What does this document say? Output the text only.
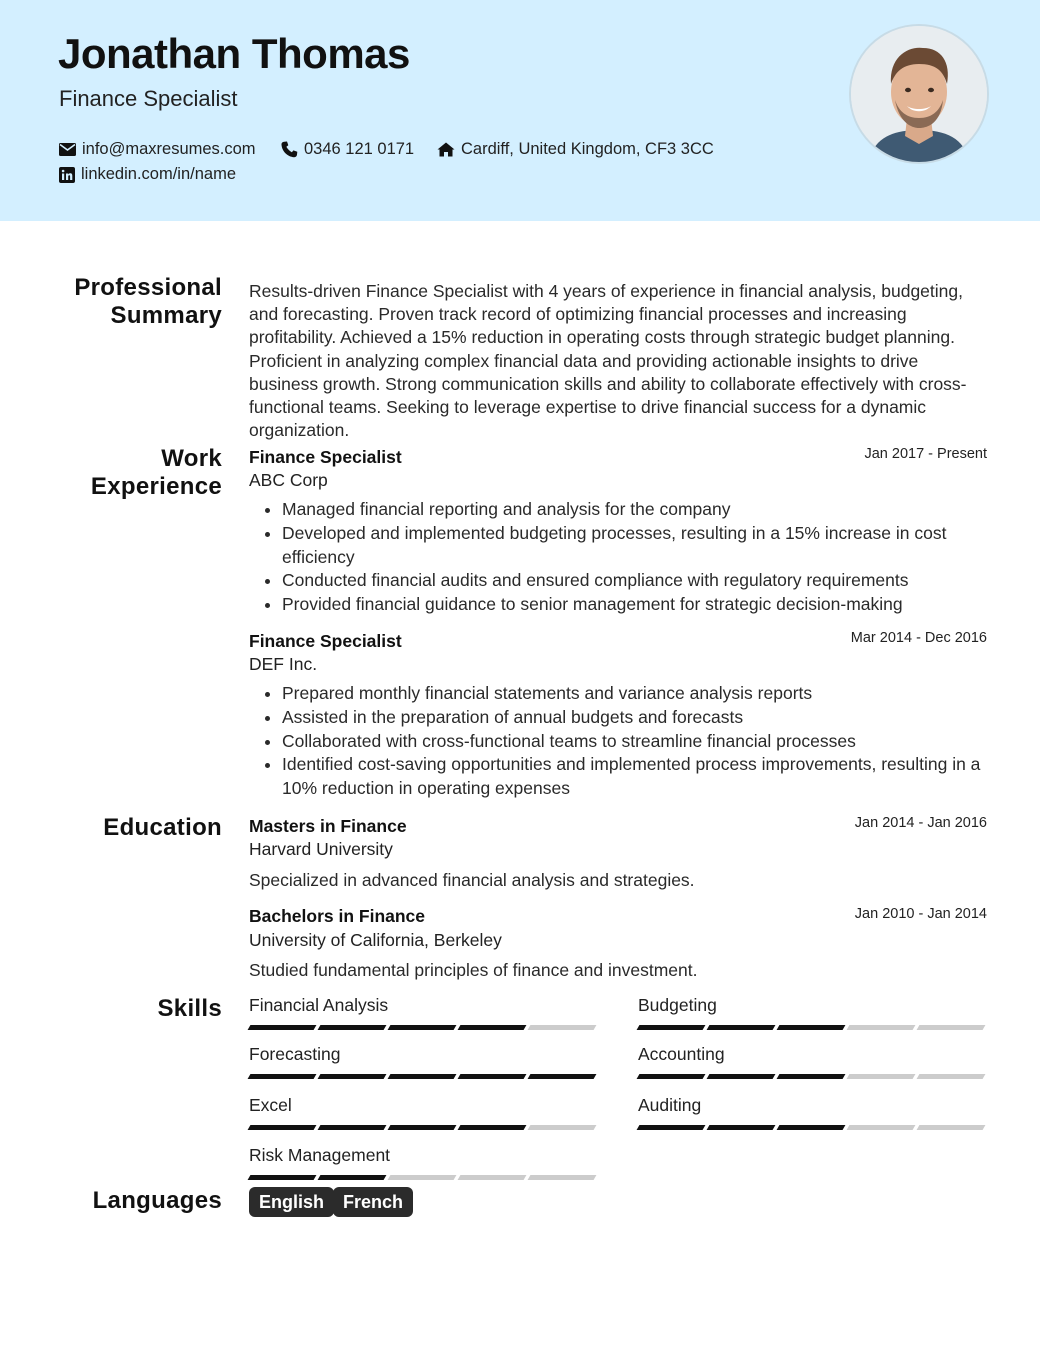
Jonathan Thomas
Finance Specialist
info@maxresumes.com	0346 121 0171	Cardiff, United Kingdom, CF3 3CC
linkedin.com/in/name
Professional Summary

Results-driven Finance Specialist with 4 years of experience in financial analysis, budgeting, and forecasting. Proven track record of optimizing financial processes and increasing profitability. Achieved a 15% reduction in operating costs through strategic budget planning. Proficient in analyzing complex financial data and providing actionable insights to drive business growth. Strong communication skills and ability to collaborate effectively with cross-functional teams. Seeking to leverage expertise to drive financial success for a dynamic organization.

Work Experience
Finance Specialist	Jan 2017 - Present
ABC Corp
• Managed financial reporting and analysis for the company
• Developed and implemented budgeting processes, resulting in a 15% increase in cost efficiency
• Conducted financial audits and ensured compliance with regulatory requirements
• Provided financial guidance to senior management for strategic decision-making
Finance Specialist	Mar 2014 - Dec 2016
DEF Inc.
• Prepared monthly financial statements and variance analysis reports
• Assisted in the preparation of annual budgets and forecasts
• Collaborated with cross-functional teams to streamline financial processes
• Identified cost-saving opportunities and implemented process improvements, resulting in a 10% reduction in operating expenses
Education Masters in Finance	Jan 2014 - Jan 2016
Harvard University
Specialized in advanced financial analysis and strategies.
Bachelors in Finance	Jan 2010 - Jan 2014
University of California, Berkeley
Studied fundamental principles of finance and investment.
Skills Financial Analysis	Budgeting
Forecasting	Accounting
Excel	Auditing
Risk Management
Languages	English	French
